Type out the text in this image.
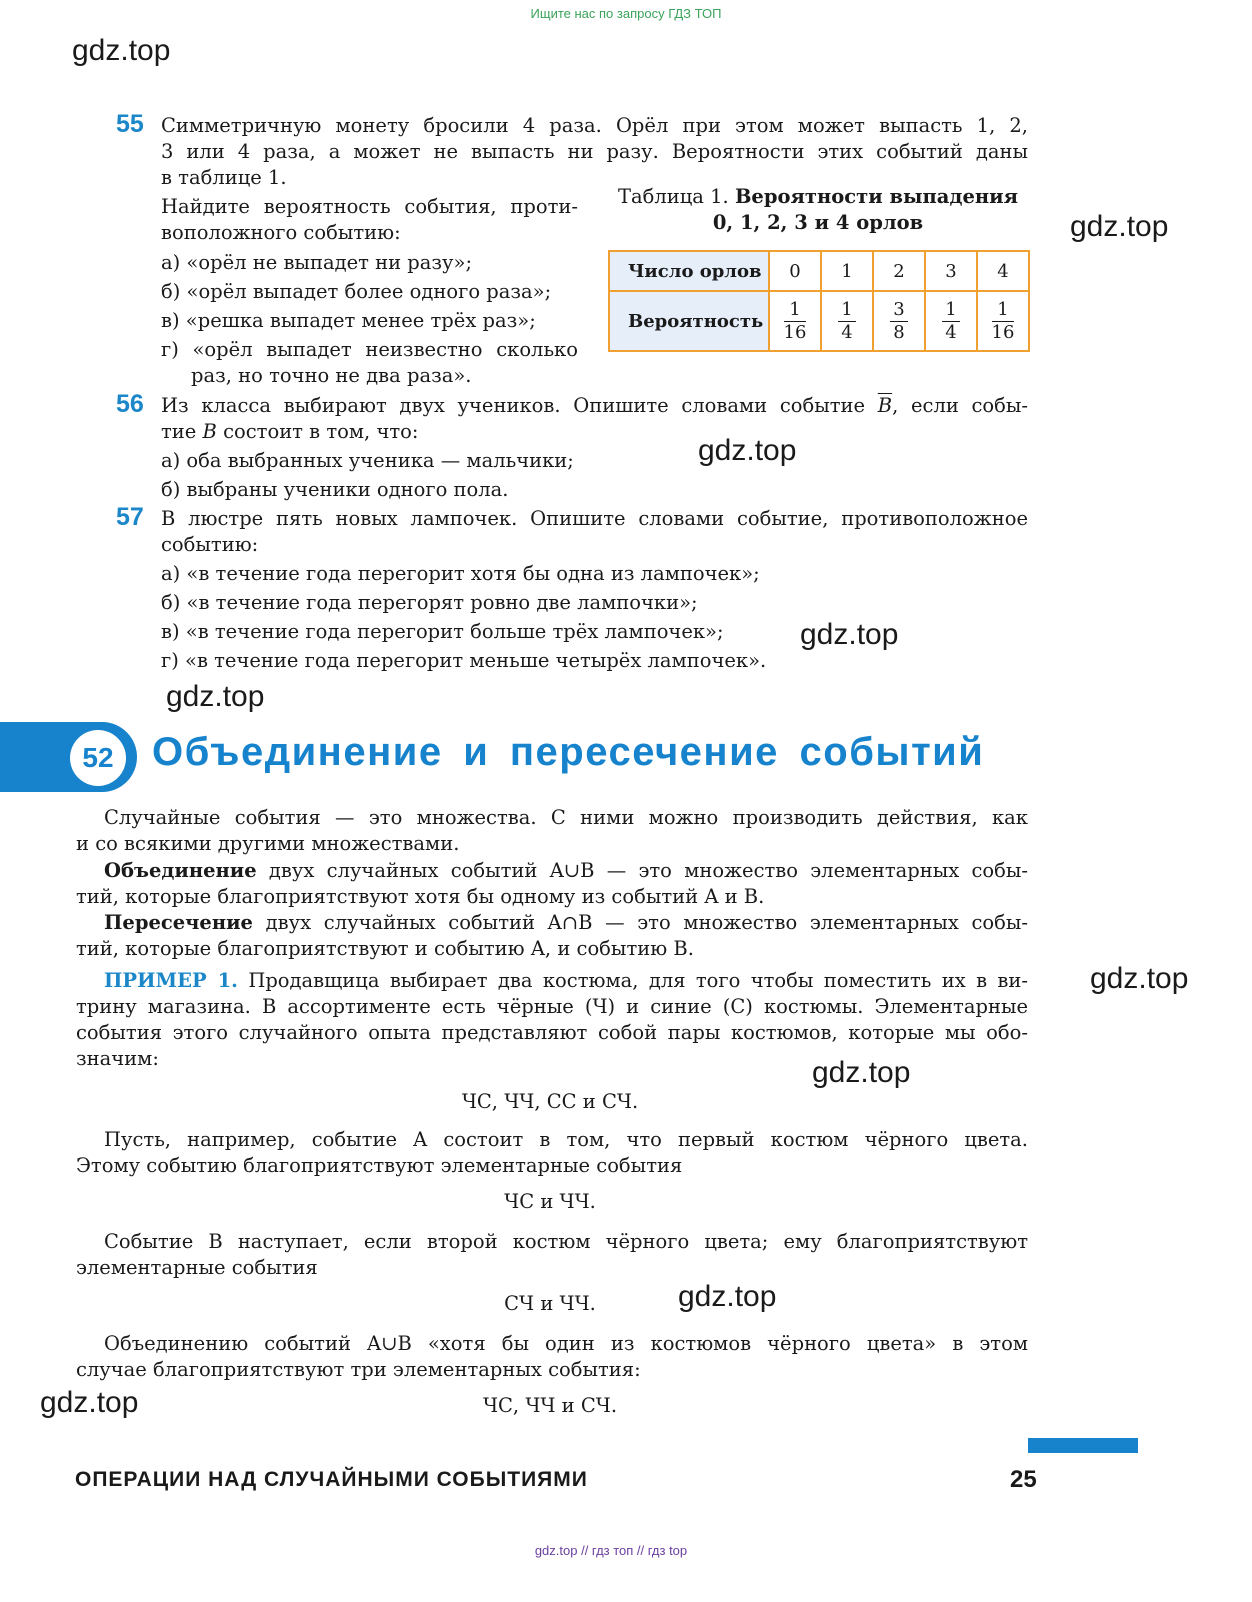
Ищите нас по запросу ГДЗ ТОП
gdz.top
gdz.top
gdz.top
gdz.top
gdz.top
gdz.top
gdz.top
gdz.top
gdz.top
55 Симметричную монету бросили 4 раза. Орёл при этом может выпасть 1, 2,
3 или 4 раза, а может не выпасть ни разу. Вероятности этих событий даны
в таблице 1.
Найдите вероятность события, проти-
воположного событию:
а) «орёл не выпадет ни разу»;
б) «орёл выпадет более одного раза»;
в) «решка выпадет менее трёх раз»;
г) «орёл выпадет неизвестно сколько
раз, но точно не два раза».
Таблица 1. Вероятности выпадения
0, 1, 2, 3 и 4 орлов
Число орлов	0	1	2	3	4
Вероятность	$\frac{1}{16}$	$\frac{1}{4}$	$\frac{3}{8}$	$\frac{1}{4}$	$\frac{1}{16}$
56 Из класса выбирают двух учеников. Опишите словами событие $\overline{B}$, если собы-
тие B состоит в том, что:
а) оба выбранных ученика — мальчики;
б) выбраны ученики одного пола.
57 В люстре пять новых лампочек. Опишите словами событие, противоположное
событию:
а) «в течение года перегорит хотя бы одна из лампочек»;
б) «в течение года перегорят ровно две лампочки»;
в) «в течение года перегорит больше трёх лампочек»;
г) «в течение года перегорит меньше четырёх лампочек».
52 Объединение и пересечение событий
Случайные события — это множества. С ними можно производить действия, как
и со всякими другими множествами.
Объединение двух случайных событий A∪B — это множество элементарных собы-
тий, которые благоприятствуют хотя бы одному из событий A и B.
Пересечение двух случайных событий A∩B — это множество элементарных собы-
тий, которые благоприятствуют и событию A, и событию B.
ПРИМЕР 1. Продавщица выбирает два костюма, для того чтобы поместить их в ви-
трину магазина. В ассортименте есть чёрные (Ч) и синие (С) костюмы. Элементарные
события этого случайного опыта представляют собой пары костюмов, которые мы обо-
значим:
ЧС, ЧЧ, СС и СЧ.
Пусть, например, событие A состоит в том, что первый костюм чёрного цвета.
Этому событию благоприятствуют элементарные события
ЧС и ЧЧ.
Событие B наступает, если второй костюм чёрного цвета; ему благоприятствуют
элементарные события
СЧ и ЧЧ.
Объединению событий A∪B «хотя бы один из костюмов чёрного цвета» в этом
случае благоприятствуют три элементарных события:
ЧС, ЧЧ и СЧ.
ОПЕРАЦИИ НАД СЛУЧАЙНЫМИ СОБЫТИЯМИ	25
gdz.top // гдз топ // гдз top
